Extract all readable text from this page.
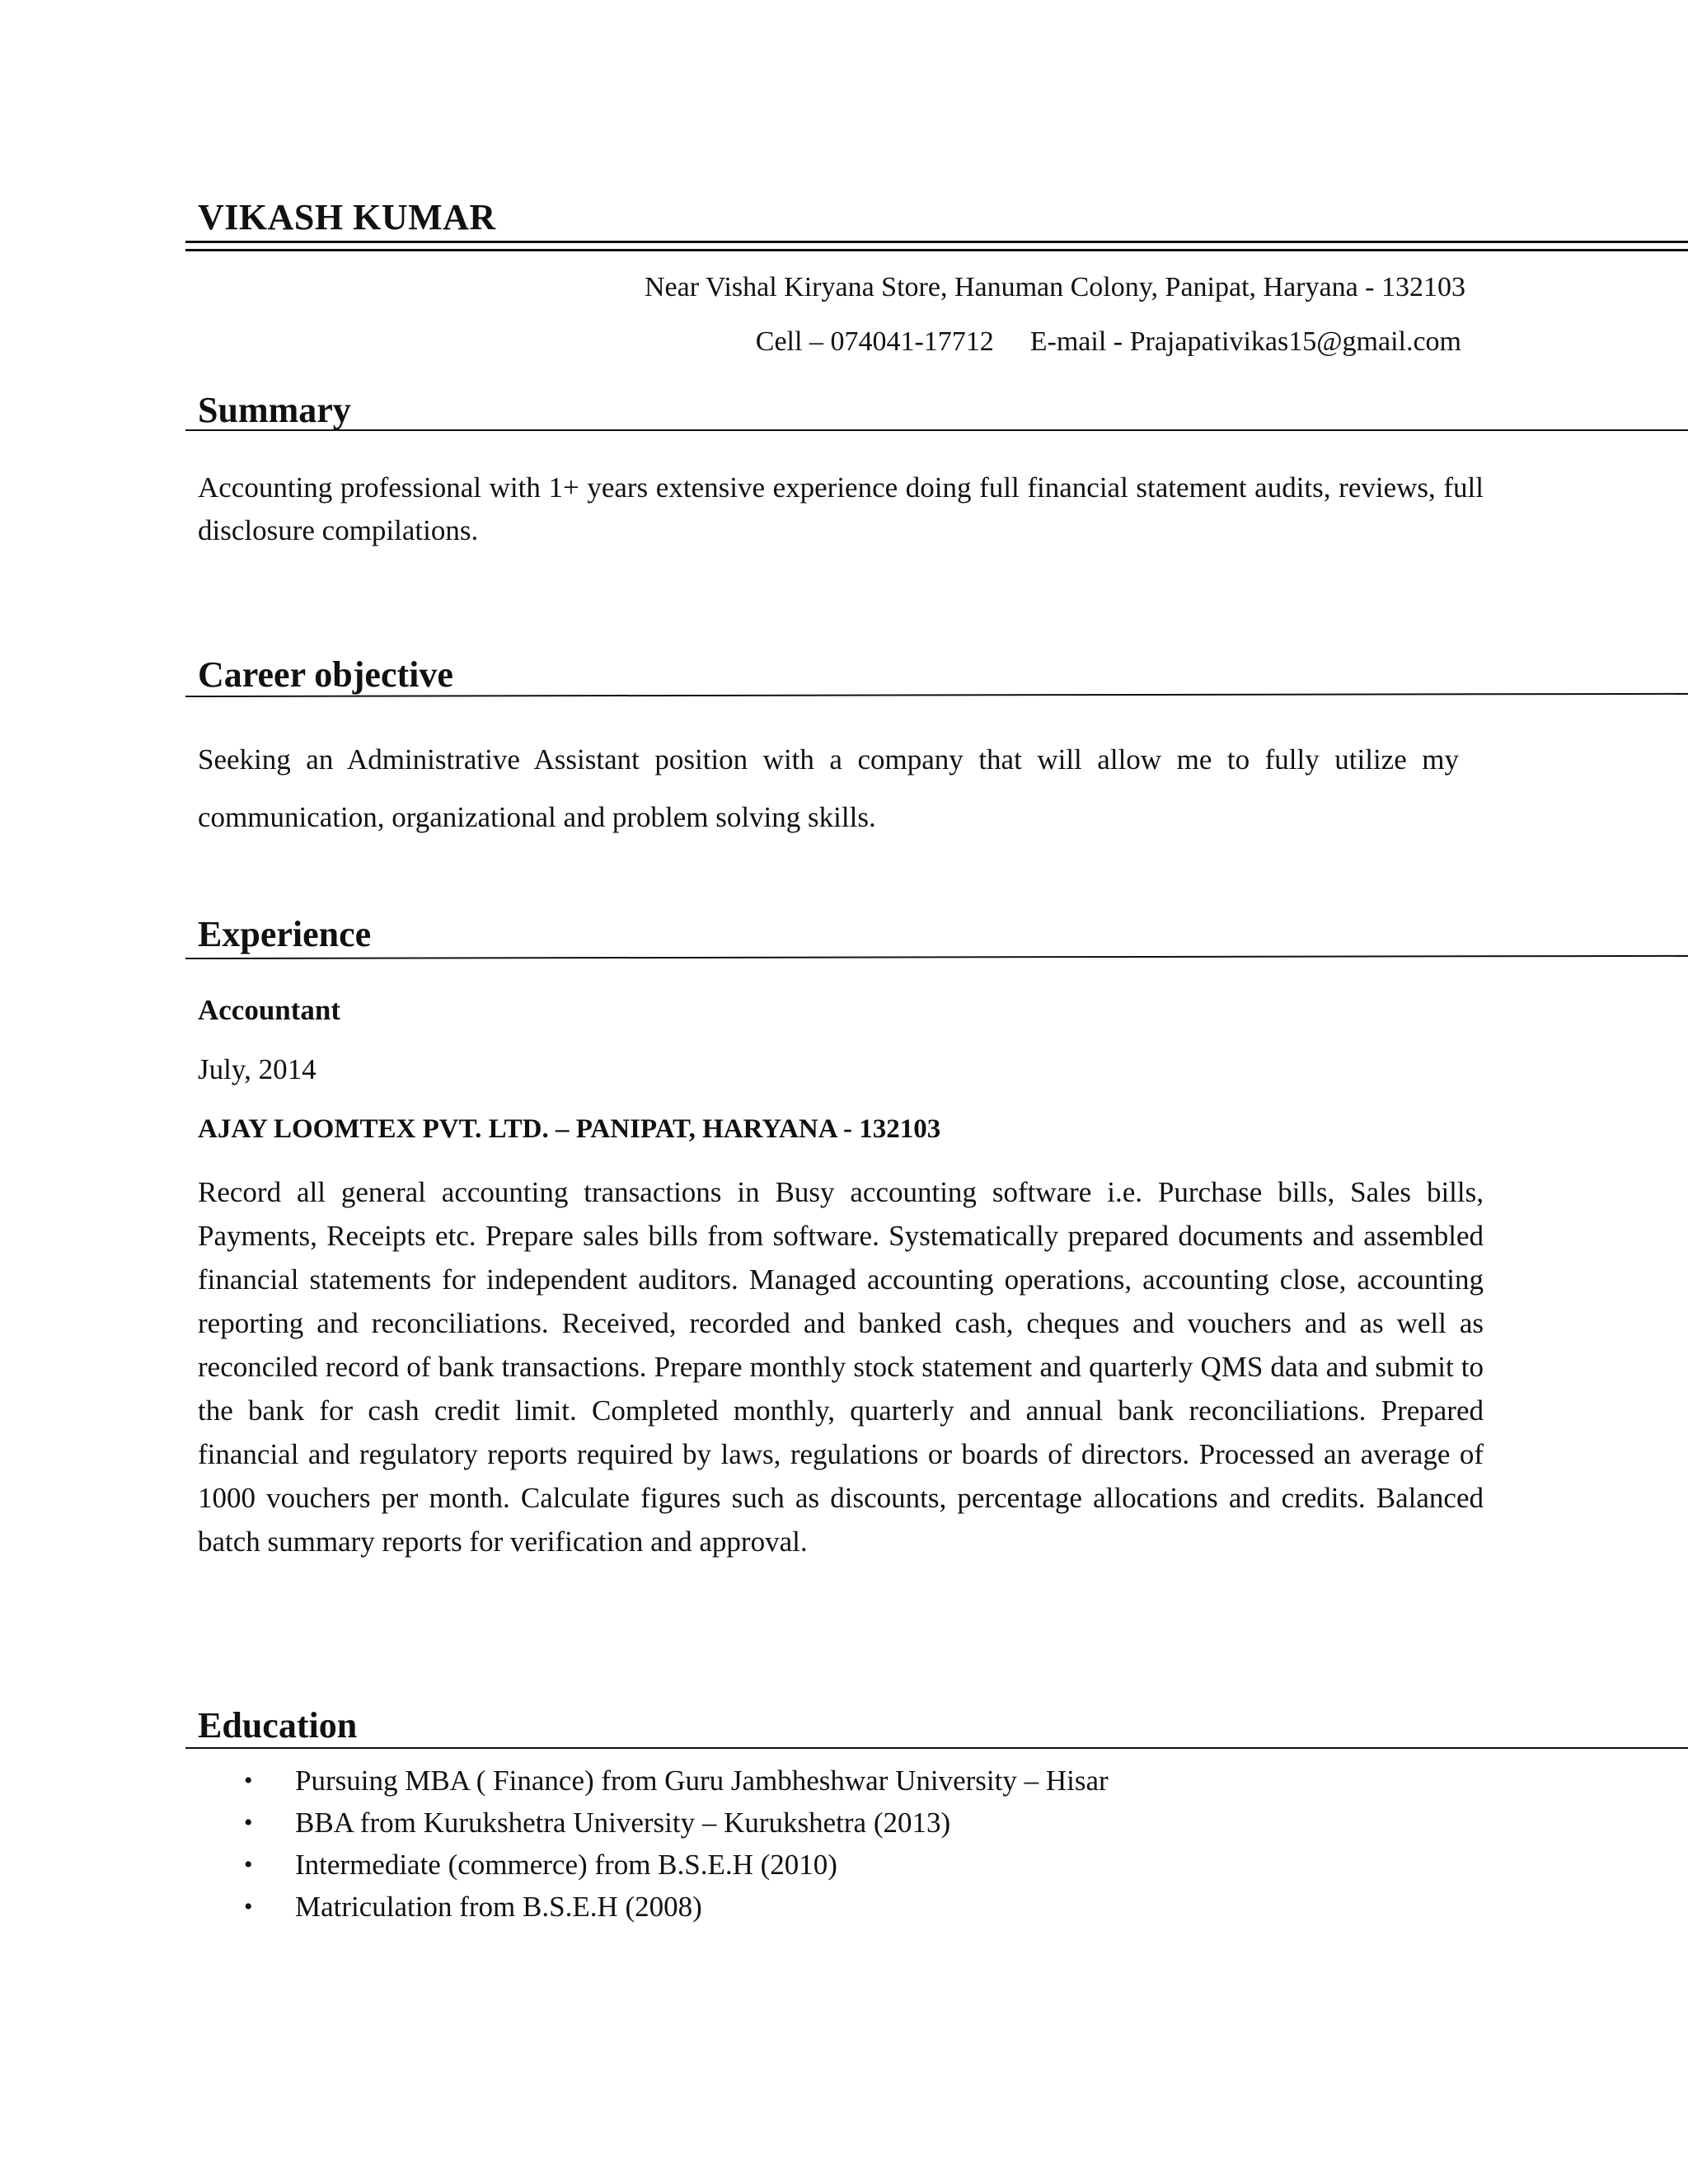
VIKASH KUMAR
Near Vishal Kiryana Store, Hanuman Colony, Panipat, Haryana - 132103
Cell – 074041-17712 E-mail - Prajapativikas15@gmail.com
Summary

Accounting professional with 1+ years extensive experience doing full financial statement audits, reviews, full disclosure compilations.

Career objective

Seeking an Administrative Assistant position with a company that will allow me to fully utilize my communication, organizational and problem solving skills.

Experience
Accountant
July, 2014
AJAY LOOMTEX PVT. LTD. – PANIPAT, HARYANA - 132103

Record all general accounting transactions in Busy accounting software i.e. Purchase bills, Sales bills, Payments, Receipts etc. Prepare sales bills from software. Systematically prepared documents and assembled financial statements for independent auditors. Managed accounting operations, accounting close, accounting reporting and reconciliations. Received, recorded and banked cash, cheques and vouchers and as well as reconciled record of bank transactions. Prepare monthly stock statement and quarterly QMS data and submit to the bank for cash credit limit. Completed monthly, quarterly and annual bank reconciliations. Prepared financial and regulatory reports required by laws, regulations or boards of directors. Processed an average of 1000 vouchers per month. Calculate figures such as discounts, percentage allocations and credits. Balanced batch summary reports for verification and approval.

Education
• Pursuing MBA ( Finance) from Guru Jambheshwar University – Hisar
• BBA from Kurukshetra University – Kurukshetra (2013)
• Intermediate (commerce) from B.S.E.H (2010)
• Matriculation from B.S.E.H (2008)
